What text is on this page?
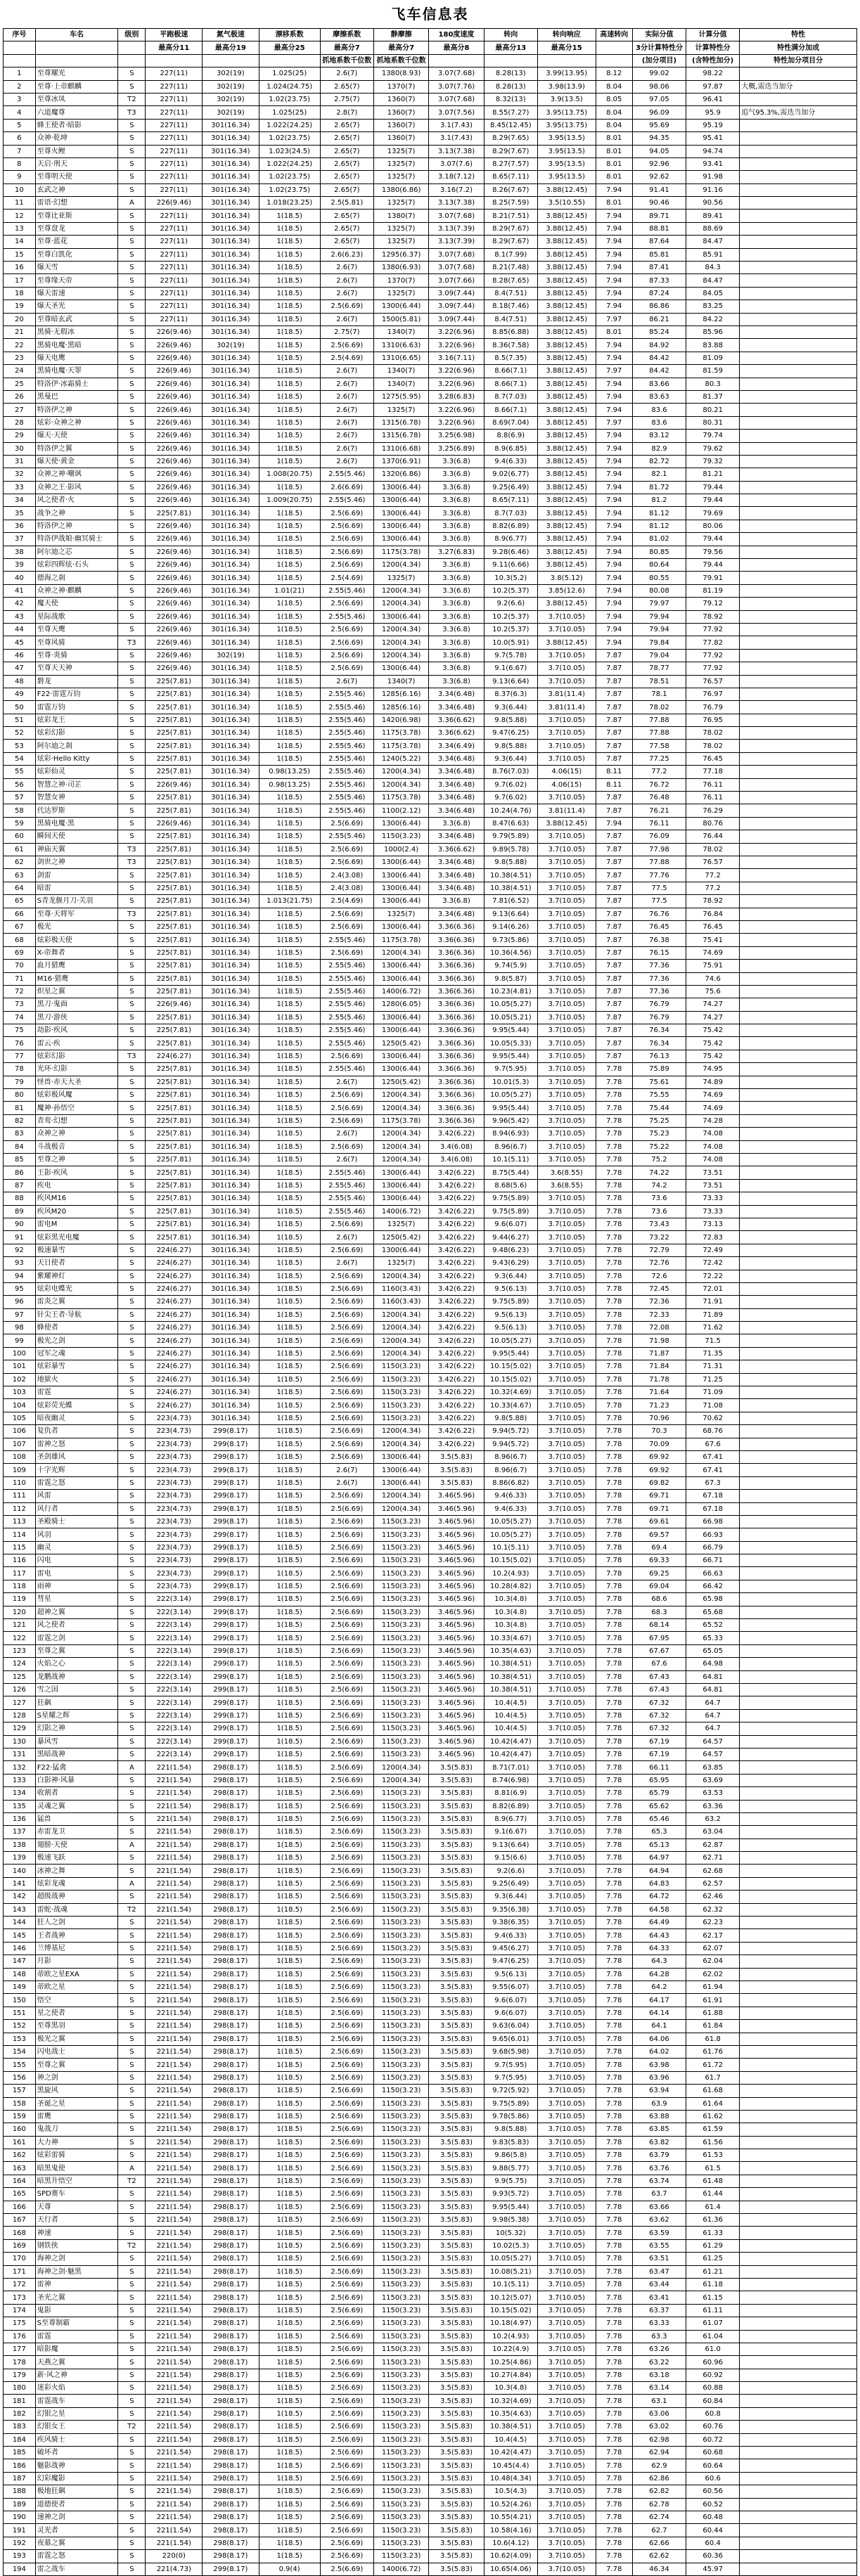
飞车信息表
序号	车名	级别	平跑极速	氮气极速	漂移系数	摩擦系数	静摩擦	180度速度	转向	转向响应	高速转向	实际分值	计算分值	特性
			最高分11	最高分19	最高分25	最高分7	最高分7	最高分8	最高分13	最高分15		3分计算特性分	计算特性分	特性满分加成
						抓地系数千位数	抓地系数千位数					(加分项目)	(含特性加分)	特性加分项目分
1	至尊耀光	S	227(11)	302(19)	1.025(25)	2.6(7)	1380(8.93)	3.07(7.68)	8.28(13)	3.99(13.95)	8.12	99.02	98.22	
2	至尊·上帝麒麟	S	227(11)	302(19)	1.024(24.75)	2.65(7)	1370(7)	3.07(7.76)	8.28(13)	3.98(13.9)	8.04	98.06	97.87	大概,需迭当加分
3	至尊冰凤	T2	227(11)	302(19)	1.02(23.75)	2.75(7)	1360(7)	3.07(7.68)	8.32(13)	3.9(13.5)	8.05	97.05	96.41	
4	六道魔尊	T3	227(11)	302(19)	1.025(25)	2.8(7)	1360(7)	3.07(7.56)	8.55(7.27)	3.95(13.75)	8.04	96.09	95.9	追气95.3%,需迭当加分
5	蜂王使者·暗影	S	227(11)	301(16.34)	1.022(24.25)	2.65(7)	1360(7)	3.1(7.43)	8.45(12.45)	3.95(13.75)	8.04	95.69	95.19	
6	众神·乾坤	S	227(11)	301(16.34)	1.02(23.75)	2.65(7)	1360(7)	3.1(7.43)	8.29(7.65)	3.95(13.5)	8.01	94.35	95.41	
7	至尊火鲤	S	227(11)	301(16.34)	1.023(24.5)	2.65(7)	1325(7)	3.13(7.38)	8.29(7.67)	3.95(13.5)	8.01	94.05	94.74	
8	天启·刑天	S	227(11)	301(16.34)	1.022(24.25)	2.65(7)	1325(7)	3.07(7.6)	8.27(7.57)	3.95(13.5)	8.01	92.96	93.41	
9	至尊明天使	S	227(11)	301(16.34)	1.02(23.75)	2.65(7)	1325(7)	3.18(7.12)	8.65(7.11)	3.95(13.5)	8.01	92.62	91.98	
10	玄武之神	S	227(11)	301(16.34)	1.02(23.75)	2.65(7)	1380(6.86)	3.16(7.2)	8.26(7.67)	3.88(12.45)	7.94	91.41	91.16	
11	雷语·幻想	A	226(9.46)	301(16.34)	1.018(23.25)	2.5(5.81)	1325(7)	3.13(7.38)	8.25(7.59)	3.5(10.55)	8.01	90.46	90.56	
12	至尊比亚斯	S	227(11)	301(16.34)	1(18.5)	2.65(7)	1380(7)	3.07(7.68)	8.21(7.51)	3.88(12.45)	7.94	89.71	89.41	
13	至尊盘龙	S	227(11)	301(16.34)	1(18.5)	2.65(7)	1325(7)	3.13(7.39)	8.29(7.67)	3.88(12.45)	7.94	88.81	88.69	
14	至尊·蓝花	S	227(11)	301(16.34)	1(18.5)	2.65(7)	1325(7)	3.13(7.39)	8.29(7.67)	3.88(12.45)	7.94	87.64	84.47	
15	至尊白凯化	S	227(11)	301(16.34)	1(18.5)	2.6(6.23)	1295(6.37)	3.07(7.68)	8.1(7.99)	3.88(12.45)	7.94	85.81	85.91	
16	爆天雪	S	227(11)	301(16.34)	1(18.5)	2.6(7)	1380(6.93)	3.07(7.68)	8.21(7.48)	3.88(12.45)	7.94	87.41	84.3	
17	至尊缘天帝	S	227(11)	301(16.34)	1(18.5)	2.6(7)	1370(7)	3.07(7.66)	8.28(7.65)	3.88(12.45)	7.94	87.33	84.47	
18	爆天雷速	S	227(11)	301(16.34)	1(18.5)	2.6(7)	1325(7)	3.09(7.44)	8.4(7.51)	3.88(12.45)	7.94	87.24	84.05	
19	爆天圣光	S	227(11)	301(16.34)	1(18.5)	2.5(6.69)	1300(6.44)	3.09(7.44)	8.18(7.46)	3.88(12.45)	7.94	86.86	83.25	
20	至尊暗玄武	S	227(11)	301(16.34)	1(18.5)	2.6(7)	1500(5.81)	3.09(7.44)	8.4(7.51)	3.88(12.45)	7.97	86.21	84.22	
21	黑骑·无瑕冰	S	226(9.46)	301(16.34)	1(18.5)	2.75(7)	1340(7)	3.22(6.96)	8.85(6.88)	3.88(12.45)	8.01	85.24	85.96	
22	黑骑电魔·黑暗	S	226(9.46)	302(19)	1(18.5)	2.5(6.69)	1310(6.63)	3.22(6.96)	8.36(7.58)	3.88(12.45)	7.94	84.92	83.88	
23	爆天电鹰	S	226(9.46)	301(16.34)	1(18.5)	2.5(4.69)	1310(6.65)	3.16(7.11)	8.5(7.35)	3.88(12.45)	7.94	84.42	81.09	
24	黑骑电魔·天罪	S	226(9.46)	301(16.34)	1(18.5)	2.6(7)	1340(7)	3.22(6.96)	8.66(7.1)	3.88(12.45)	7.97	84.42	81.59	
25	特洛伊·冰霜骑士	S	226(9.46)	301(16.34)	1(18.5)	2.6(7)	1340(7)	3.22(6.96)	8.66(7.1)	3.88(12.45)	7.94	83.66	80.3	
26	黑曼巴	S	226(9.46)	301(16.34)	1(18.5)	2.6(7)	1275(5.95)	3.28(6.83)	8.7(7.03)	3.88(12.45)	7.94	83.63	81.37	
27	特洛伊之神	S	226(9.46)	301(16.34)	1(18.5)	2.6(7)	1325(7)	3.22(6.96)	8.66(7.1)	3.88(12.45)	7.94	83.6	80.21	
28	炫彩·众神之神	S	226(9.46)	301(16.34)	1(18.5)	2.6(7)	1315(6.78)	3.22(6.96)	8.69(7.04)	3.88(12.45)	7.97	83.6	80.31	
29	爆天·天使	S	226(9.46)	301(16.34)	1(18.5)	2.6(7)	1315(6.78)	3.25(6.98)	8.8(6.9)	3.88(12.45)	7.94	83.12	79.74	
30	特洛伊之翼	S	226(9.46)	301(16.34)	1(18.5)	2.6(7)	1310(6.68)	3.25(6.89)	8.9(6.85)	3.88(12.45)	7.94	82.9	79.62	
31	爆天使·黄金	S	226(9.46)	301(16.34)	1(18.5)	2.6(7)	1370(6.91)	3.3(6.8)	9.4(6.33)	3.88(12.45)	7.94	82.72	79.32	
32	众神之神·嘲讽	S	226(9.46)	301(16.34)	1.008(20.75)	2.55(5.46)	1320(6.86)	3.3(6.8)	9.02(6.77)	3.88(12.45)	7.94	82.1	81.21	
33	众神之王·影风	S	226(9.46)	301(16.34)	1(18.5)	2.6(6.69)	1300(6.44)	3.3(6.8)	9.25(6.49)	3.88(12.45)	7.94	81.72	79.44	
34	风之使者·火	S	226(9.46)	301(16.34)	1.009(20.75)	2.55(5.46)	1300(6.44)	3.3(6.8)	8.65(7.11)	3.88(12.45)	7.94	81.2	79.44	
35	战争之神	S	225(7.81)	301(16.34)	1(18.5)	2.5(6.69)	1300(6.44)	3.3(6.8)	8.7(7.03)	3.88(12.45)	7.94	81.12	79.69	
36	特洛伊之神	S	226(9.46)	301(16.34)	1(18.5)	2.5(6.69)	1300(6.44)	3.3(6.8)	8.82(6.89)	3.88(12.45)	7.94	81.12	80.06	
37	特洛伊战娘·幽冥骑士	S	226(9.46)	301(16.34)	1(18.5)	2.5(6.69)	1300(6.44)	3.3(6.8)	8.9(6.77)	3.88(12.45)	7.94	81.02	79.44	
38	阿尔迪之芯	S	226(9.46)	301(16.34)	1(18.5)	2.5(6.69)	1175(3.78)	3.27(6.83)	9.28(6.46)	3.88(12.45)	7.94	80.85	79.56	
39	炫彩四辉炫·石头	S	226(9.46)	301(16.34)	1(18.5)	2.5(6.69)	1200(4.34)	3.3(6.8)	9.11(6.66)	3.88(12.45)	7.94	80.64	79.44	
40	德海之刹	S	226(9.46)	301(16.34)	1(18.5)	2.5(4.69)	1325(7)	3.3(6.8)	10.3(5.2)	3.8(5.12)	7.94	80.55	79.91	
41	众神之神·麒麟	S	226(9.46)	301(16.34)	1.01(21)	2.55(5.46)	1200(4.34)	3.3(6.8)	10.2(5.37)	3.85(12.6)	7.94	80.08	81.19	
42	魔天使	S	226(9.46)	301(16.34)	1(18.5)	2.5(6.69)	1200(4.34)	3.3(6.8)	9.2(6.6)	3.88(12.45)	7.94	79.97	79.12	
43	星际战歌	S	226(9.46)	301(16.34)	1(18.5)	2.55(5.46)	1300(6.44)	3.3(6.8)	10.2(5.37)	3.7(10.05)	7.94	79.94	78.92	
44	至尊天鹰	S	226(9.46)	301(16.34)	1(18.5)	2.5(6.69)	1200(4.34)	3.3(6.8)	10.2(5.37)	3.7(10.05)	7.94	79.94	77.92	
45	至尊风骑	T3	226(9.46)	301(16.34)	1(18.5)	2.5(6.69)	1200(4.34)	3.3(6.8)	10.0(5.91)	3.88(12.45)	7.94	79.84	77.82	
46	至尊·炎骑	S	226(9.46)	302(19)	1(18.5)	2.5(6.69)	1200(4.34)	3.3(6.8)	9.7(5.78)	3.7(10.05)	7.87	79.04	77.92	
47	至尊天天神	S	226(9.46)	301(16.34)	1(18.5)	2.5(6.69)	1300(6.44)	3.3(6.8)	9.1(6.67)	3.7(10.05)	7.87	78.77	77.92	
48	磐龙	S	225(7.81)	301(16.34)	1(18.5)	2.6(7)	1340(7)	3.3(6.8)	9.13(6.64)	3.7(10.05)	7.87	78.51	76.57	
49	F22·雷霆万钧	S	225(7.81)	301(16.34)	1(18.5)	2.55(5.46)	1285(6.16)	3.34(6.48)	8.37(6.3)	3.81(11.4)	7.87	78.1	76.97	
50	雷霆万钧	S	225(7.81)	301(16.34)	1(18.5)	2.55(5.46)	1285(6.16)	3.34(6.48)	9.3(6.44)	3.81(11.4)	7.87	78.02	76.79	
51	炫彩龙王	S	225(7.81)	301(16.34)	1(18.5)	2.55(5.46)	1420(6.98)	3.36(6.62)	9.8(5.88)	3.7(10.05)	7.87	77.88	76.95	
52	炫彩幻影	S	225(7.81)	301(16.34)	1(18.5)	2.55(5.46)	1175(3.78)	3.36(6.62)	9.47(6.25)	3.7(10.05)	7.87	77.88	78.02	
53	阿尔迪之刹	S	225(7.81)	301(16.34)	1(18.5)	2.55(5.46)	1175(3.78)	3.34(6.49)	9.8(5.88)	3.7(10.05)	7.87	77.58	78.02	
54	炫彩·Hello Kitty	S	225(7.81)	301(16.34)	1(18.5)	2.55(5.46)	1240(5.22)	3.34(6.48)	9.3(6.44)	3.7(10.05)	7.87	77.25	76.45	
55	炫彩仙灵	S	225(7.81)	301(16.34)	0.98(13.25)	2.55(5.46)	1200(4.34)	3.34(6.48)	8.76(7.03)	4.06(15)	8.11	77.2	77.18	
56	智慧之神·司芷	S	226(9.46)	301(16.34)	0.98(13.25)	2.55(5.46)	1200(4.34)	3.34(6.48)	9.7(6.02)	4.06(15)	8.11	76.72	76.11	
57	智慧女神	S	225(7.81)	301(16.34)	1(18.5)	2.55(5.46)	1175(3.78)	3.34(6.48)	9.7(6.02)	3.7(10.05)	7.87	76.48	76.11	
58	代达罗斯	S	225(7.81)	301(16.34)	1(18.5)	2.55(5.46)	1100(2.12)	3.34(6.48)	10.24(4.76)	3.81(11.4)	7.87	76.21	76.29	
59	黑骑电魔·黑	S	226(9.46)	301(16.34)	1(18.5)	2.5(6.69)	1300(6.44)	3.3(6.8)	8.47(6.63)	3.88(12.45)	7.94	76.11	80.76	
60	瞬间天使	S	225(7.81)	301(16.34)	1(18.5)	2.55(5.46)	1150(3.23)	3.34(6.48)	9.79(5.89)	3.7(10.05)	7.87	76.09	76.44	
61	神庙天翼	T3	225(7.81)	301(16.34)	1(18.5)	2.5(6.69)	1000(2.4)	3.36(6.62)	9.89(5.78)	3.7(10.05)	7.87	77.98	78.02	
62	剑世之神	T3	225(7.81)	301(16.34)	1(18.5)	2.5(6.69)	1300(6.44)	3.34(6.48)	9.8(5.88)	3.7(10.05)	7.87	77.88	76.57	
63	剑雷	S	225(7.81)	301(16.34)	1(18.5)	2.4(3.08)	1300(6.44)	3.34(6.48)	10.38(4.51)	3.7(10.05)	7.87	77.76	77.2	
64	暗雷	S	225(7.81)	301(16.34)	1(18.5)	2.4(3.08)	1300(6.44)	3.34(6.48)	10.38(4.51)	3.7(10.05)	7.87	77.5	77.2	
65	S青龙偃月刀·关羽	S	225(7.81)	301(16.34)	1.013(21.75)	2.5(4.69)	1300(6.44)	3.3(6.8)	7.81(6.52)	3.7(10.05)	7.87	77.5	78.92	
66	至尊·天将军	T3	225(7.81)	301(16.34)	1(18.5)	2.5(6.69)	1325(7)	3.34(6.48)	9.13(6.64)	3.7(10.05)	7.87	76.76	76.84	
67	极光	S	225(7.81)	301(16.34)	1(18.5)	2.5(6.69)	1300(6.44)	3.36(6.36)	9.14(6.26)	3.7(10.05)	7.87	76.45	76.45	
68	炫彩极天使	S	225(7.81)	301(16.34)	1(18.5)	2.55(5.46)	1175(3.78)	3.36(6.36)	9.73(5.86)	3.7(10.05)	7.87	76.38	75.41	
69	X-帝舞者	S	225(7.81)	301(16.34)	1(18.5)	2.5(6.69)	1200(4.34)	3.36(6.36)	10.36(4.56)	3.7(10.05)	7.87	76.15	74.69	
70	血月猎鹰	S	225(7.81)	301(16.34)	1(18.5)	2.55(5.46)	1300(6.44)	3.36(6.36)	9.74(5.9)	3.7(10.05)	7.87	77.36	75.91	
71	M16·猎鹰	S	225(7.81)	301(16.34)	1(18.5)	2.55(5.46)	1300(6.44)	3.36(6.36)	9.8(5.87)	3.7(10.05)	7.87	77.36	74.6	
72	炽星之翼	S	225(7.81)	301(16.34)	1(18.5)	2.55(5.46)	1400(6.72)	3.36(6.36)	10.23(4.81)	3.7(10.05)	7.87	77.36	75.6	
73	黑刀·鬼面	S	226(9.46)	301(16.34)	1(18.5)	2.55(5.46)	1280(6.05)	3.36(6.36)	10.05(5.27)	3.7(10.05)	7.87	76.79	74.27	
74	黑刀·游侠	S	225(7.81)	301(16.34)	1(18.5)	2.55(5.46)	1300(6.44)	3.36(6.36)	10.05(5.21)	3.7(10.05)	7.87	76.79	74.27	
75	劫影·疾风	S	225(7.81)	301(16.34)	1(18.5)	2.55(5.46)	1300(6.44)	3.36(6.36)	9.95(5.44)	3.7(10.05)	7.87	76.34	75.42	
76	雷云·疾	S	225(7.81)	301(16.34)	1(18.5)	2.55(5.46)	1250(5.42)	3.36(6.36)	10.05(5.33)	3.7(10.05)	7.87	76.34	75.42	
77	炫彩幻影	T3	224(6.27)	301(16.34)	1(18.5)	2.5(6.69)	1300(6.44)	3.36(6.36)	9.95(5.44)	3.7(10.05)	7.87	76.13	75.42	
78	光环·幻影	S	225(7.81)	301(16.34)	1(18.5)	2.55(5.46)	1300(6.44)	3.36(6.36)	9.7(5.95)	3.7(10.05)	7.78	75.89	74.95	
79	怪兽·赤天大圣	S	225(7.81)	301(16.34)	1(18.5)	2.6(7)	1250(5.42)	3.36(6.36)	10.01(5.3)	3.7(10.05)	7.78	75.61	74.89	
80	炫彩极风魔	S	225(7.81)	301(16.34)	1(18.5)	2.5(6.69)	1200(4.34)	3.36(6.36)	10.05(5.27)	3.7(10.05)	7.78	75.55	74.69	
81	魔神·孙悟空	S	225(7.81)	301(16.34)	1(18.5)	2.5(6.69)	1200(4.34)	3.36(6.36)	9.95(5.44)	3.7(10.05)	7.78	75.44	74.69	
82	青鸾·幻想	S	225(7.81)	301(16.34)	1(18.5)	2.5(6.69)	1175(3.78)	3.36(6.36)	9.96(5.42)	3.7(10.05)	7.78	75.25	74.28	
83	众神之神	S	225(7.81)	301(16.34)	1(18.5)	2.6(7)	1200(4.34)	3.42(6.22)	8.94(6.93)	3.7(10.05)	7.78	75.23	74.08	
84	斗战极音	S	225(7.81)	301(16.34)	1(18.5)	2.5(6.69)	1200(4.34)	3.4(6.08)	8.96(6.7)	3.7(10.05)	7.78	75.22	74.08	
85	至尊之神	S	225(7.81)	301(16.34)	1(18.5)	2.6(7)	1200(4.34)	3.4(6.08)	10.1(5.11)	3.7(10.05)	7.78	75.2	74.08	
86	王影·疾风	S	225(7.81)	301(16.34)	1(18.5)	2.55(5.46)	1300(6.44)	3.42(6.22)	8.75(5.44)	3.6(8.55)	7.78	74.22	73.51	
87	疾电	S	225(7.81)	301(16.34)	1(18.5)	2.55(5.46)	1300(6.44)	3.42(6.22)	8.68(5.6)	3.6(8.55)	7.78	74.2	73.51	
88	疾风M16	S	225(7.81)	301(16.34)	1(18.5)	2.55(5.46)	1300(6.44)	3.42(6.22)	9.75(5.89)	3.7(10.05)	7.78	73.6	73.33	
89	疾风M20	S	225(7.81)	301(16.34)	1(18.5)	2.55(5.46)	1400(6.72)	3.42(6.22)	9.75(5.89)	3.7(10.05)	7.78	73.6	73.33	
90	雷电M	S	225(7.81)	301(16.34)	1(18.5)	2.5(6.69)	1325(7)	3.42(6.22)	9.6(6.07)	3.7(10.05)	7.78	73.43	73.13	
91	炫彩黑光电魔	S	225(7.81)	301(16.34)	1(18.5)	2.6(7)	1250(5.42)	3.42(6.22)	9.44(6.27)	3.7(10.05)	7.78	73.22	72.83	
92	极速暴雪	S	224(6.27)	301(16.34)	1(18.5)	2.5(6.69)	1300(6.44)	3.42(6.22)	9.48(6.23)	3.7(10.05)	7.78	72.79	72.49	
93	天日使者	S	224(6.27)	301(16.34)	1(18.5)	2.6(7)	1325(7)	3.42(6.22)	9.43(6.29)	3.7(10.05)	7.78	72.76	72.42	
94	紫耀神灯	S	224(6.27)	301(16.34)	1(18.5)	2.5(6.69)	1200(4.34)	3.42(6.22)	9.3(6.44)	3.7(10.05)	7.78	72.6	72.22	
95	炫彩电蝶光	S	224(6.27)	301(16.34)	1(18.5)	2.5(6.69)	1160(3.43)	3.42(6.22)	9.5(6.13)	3.7(10.05)	7.78	72.45	72.01	
96	雷炎之翼	S	224(6.27)	301(16.34)	1(18.5)	2.5(6.69)	1160(3.43)	3.42(6.22)	9.75(5.89)	3.7(10.05)	7.78	72.36	71.91	
97	针尖王者·导航	S	224(6.27)	301(16.34)	1(18.5)	2.5(6.69)	1200(4.34)	3.42(6.22)	9.5(6.13)	3.7(10.05)	7.78	72.33	71.89	
98	蜂使者	S	224(6.27)	301(16.34)	1(18.5)	2.5(6.69)	1200(4.34)	3.42(6.22)	9.5(6.13)	3.7(10.05)	7.78	72.08	71.62	
99	极光之剑	S	224(6.27)	301(16.34)	1(18.5)	2.5(6.69)	1200(4.34)	3.42(6.22)	10.05(5.27)	3.7(10.05)	7.78	71.98	71.5	
100	冠军之魂	S	224(6.27)	301(16.34)	1(18.5)	2.5(6.69)	1200(4.34)	3.42(6.22)	9.95(5.44)	3.7(10.05)	7.78	71.87	71.35	
101	炫彩暴雪	S	224(6.27)	301(16.34)	1(18.5)	2.5(6.69)	1150(3.23)	3.42(6.22)	10.15(5.02)	3.7(10.05)	7.78	71.84	71.31	
102	地狱火	S	224(6.27)	301(16.34)	1(18.5)	2.5(6.69)	1150(3.23)	3.42(6.22)	10.15(5.02)	3.7(10.05)	7.78	71.78	71.25	
103	雷霆	S	224(6.27)	301(16.34)	1(18.5)	2.5(6.69)	1150(3.23)	3.42(6.22)	10.32(4.69)	3.7(10.05)	7.78	71.64	71.09	
104	炫彩荧光蝶	S	224(6.27)	301(16.34)	1(18.5)	2.5(6.69)	1150(3.23)	3.42(6.22)	10.33(4.67)	3.7(10.05)	7.78	71.23	71.08	
105	暗夜幽灵	S	223(4.73)	301(16.34)	1(18.5)	2.5(6.69)	1150(3.23)	3.42(6.22)	9.8(5.88)	3.7(10.05)	7.78	70.96	70.62	
106	复仇者	S	223(4.73)	299(8.17)	1(18.5)	2.5(6.69)	1200(4.34)	3.42(6.22)	9.94(5.72)	3.7(10.05)	7.78	70.3	68.76	
107	雷神之怒	S	223(4.73)	299(8.17)	1(18.5)	2.5(6.69)	1200(4.34)	3.42(6.22)	9.94(5.72)	3.7(10.05)	7.78	70.09	67.6	
108	圣剑雄风	S	223(4.73)	299(8.17)	1(18.5)	2.5(6.69)	1300(6.44)	3.5(5.83)	8.96(6.7)	3.7(10.05)	7.78	69.92	67.41	
109	十字光辉	S	223(4.73)	299(8.17)	1(18.5)	2.6(7)	1300(6.44)	3.5(5.83)	8.96(6.7)	3.7(10.05)	7.78	69.92	67.41	
110	雷霆之怒	S	223(4.73)	299(8.17)	1(18.5)	2.6(7)	1300(6.44)	3.5(5.83)	8.86(6.82)	3.7(10.05)	7.78	69.82	67.3	
111	风雷	S	223(4.73)	299(8.17)	1(18.5)	2.5(6.69)	1200(4.34)	3.46(5.96)	9.4(6.33)	3.7(10.05)	7.78	69.71	67.18	
112	风行者	S	223(4.73)	299(8.17)	1(18.5)	2.5(6.69)	1200(4.34)	3.46(5.96)	9.4(6.33)	3.7(10.05)	7.78	69.71	67.18	
113	圣殿骑士	S	223(4.73)	299(8.17)	1(18.5)	2.5(6.69)	1150(3.23)	3.46(5.96)	10.05(5.27)	3.7(10.05)	7.78	69.61	66.98	
114	风羽	S	223(4.73)	299(8.17)	1(18.5)	2.5(6.69)	1150(3.23)	3.46(5.96)	10.05(5.27)	3.7(10.05)	7.78	69.57	66.93	
115	幽灵	S	223(4.73)	299(8.17)	1(18.5)	2.5(6.69)	1150(3.23)	3.46(5.96)	10.1(5.11)	3.7(10.05)	7.78	69.4	66.79	
116	闪电	S	223(4.73)	299(8.17)	1(18.5)	2.5(6.69)	1150(3.23)	3.46(5.96)	10.15(5.02)	3.7(10.05)	7.78	69.33	66.71	
117	雷电	S	223(4.73)	299(8.17)	1(18.5)	2.5(6.69)	1150(3.23)	3.46(5.96)	10.2(4.93)	3.7(10.05)	7.78	69.25	66.63	
118	雨神	S	223(4.73)	299(8.17)	1(18.5)	2.5(6.69)	1150(3.23)	3.46(5.96)	10.28(4.82)	3.7(10.05)	7.78	69.04	66.42	
119	彗星	S	222(3.14)	299(8.17)	1(18.5)	2.5(6.69)	1150(3.23)	3.46(5.96)	10.3(4.8)	3.7(10.05)	7.78	68.6	65.98	
120	超神之翼	S	222(3.14)	299(8.17)	1(18.5)	2.5(6.69)	1150(3.23)	3.46(5.96)	10.3(4.8)	3.7(10.05)	7.78	68.3	65.68	
121	风之使者	S	222(3.14)	299(8.17)	1(18.5)	2.5(6.69)	1150(3.23)	3.46(5.96)	10.3(4.8)	3.7(10.05)	7.78	68.14	65.52	
122	雷霆之剑	S	222(3.14)	299(8.17)	1(18.5)	2.5(6.69)	1150(3.23)	3.46(5.96)	10.33(4.67)	3.7(10.05)	7.78	67.95	65.33	
123	至尊之翼	S	222(3.14)	299(8.17)	1(18.5)	2.5(6.69)	1150(3.23)	3.46(5.96)	10.35(4.63)	3.7(10.05)	7.78	67.67	65.05	
124	火焰之心	S	222(3.14)	299(8.17)	1(18.5)	2.5(6.69)	1150(3.23)	3.46(5.96)	10.38(4.51)	3.7(10.05)	7.78	67.6	64.98	
125	龙鹏战神	S	222(3.14)	299(8.17)	1(18.5)	2.5(6.69)	1150(3.23)	3.46(5.96)	10.38(4.51)	3.7(10.05)	7.78	67.43	64.81	
126	雪之国	S	222(3.14)	299(8.17)	1(18.5)	2.5(6.69)	1150(3.23)	3.46(5.96)	10.38(4.51)	3.7(10.05)	7.78	67.43	64.81	
127	狂飙	S	222(3.14)	299(8.17)	1(18.5)	2.5(6.69)	1150(3.23)	3.46(5.96)	10.4(4.5)	3.7(10.05)	7.78	67.32	64.7	
128	S星耀之辉	S	222(3.14)	299(8.17)	1(18.5)	2.5(6.69)	1150(3.23)	3.46(5.96)	10.4(4.5)	3.7(10.05)	7.78	67.32	64.7	
129	幻影之神	S	222(3.14)	299(8.17)	1(18.5)	2.5(6.69)	1150(3.23)	3.46(5.96)	10.4(4.5)	3.7(10.05)	7.78	67.32	64.7	
130	暴风雪	S	222(3.14)	299(8.17)	1(18.5)	2.5(6.69)	1150(3.23)	3.46(5.96)	10.42(4.47)	3.7(10.05)	7.78	67.19	64.57	
131	黑暗战神	S	222(3.14)	299(8.17)	1(18.5)	2.5(6.69)	1150(3.23)	3.46(5.96)	10.42(4.47)	3.7(10.05)	7.78	67.19	64.57	
132	F22·猛禽	A	221(1.54)	298(8.17)	1(18.5)	2.5(6.69)	1200(4.34)	3.5(5.83)	8.71(7.01)	3.7(10.05)	7.78	66.11	63.85	
133	白影神·风暴	S	221(1.54)	298(8.17)	1(18.5)	2.5(6.69)	1200(4.34)	3.5(5.83)	8.74(6.98)	3.7(10.05)	7.78	65.95	63.69	
134	收割者	S	221(1.54)	298(8.17)	1(18.5)	2.5(6.69)	1150(3.23)	3.5(5.83)	8.81(6.9)	3.7(10.05)	7.78	65.79	63.53	
135	灵魂之翼	S	221(1.54)	298(8.17)	1(18.5)	2.5(6.69)	1150(3.23)	3.5(5.83)	8.82(6.89)	3.7(10.05)	7.78	65.62	63.36	
136	猛兽	S	221(1.54)	298(8.17)	1(18.5)	2.5(6.69)	1150(3.23)	3.5(5.83)	8.9(6.77)	3.7(10.05)	7.78	65.46	63.2	
137	赤雷龙卫	S	221(1.54)	298(8.17)	1(18.5)	2.5(6.69)	1150(3.23)	3.5(5.83)	9.1(6.67)	3.7(10.05)	7.78	65.3	63.04	
138	翅膀·天使	A	221(1.54)	298(8.17)	1(18.5)	2.5(6.69)	1150(3.23)	3.5(5.83)	9.13(6.64)	3.7(10.05)	7.78	65.13	62.87	
139	极速飞跃	S	221(1.54)	298(8.17)	1(18.5)	2.5(6.69)	1150(3.23)	3.5(5.83)	9.15(6.6)	3.7(10.05)	7.78	64.97	62.71	
140	冰神之舞	S	221(1.54)	298(8.17)	1(18.5)	2.5(6.69)	1150(3.23)	3.5(5.83)	9.2(6.6)	3.7(10.05)	7.78	64.94	62.68	
141	炫彩龙魂	A	221(1.54)	298(8.17)	1(18.5)	2.5(6.69)	1150(3.23)	3.5(5.83)	9.25(6.49)	3.7(10.05)	7.78	64.83	62.57	
142	超级战神	S	221(1.54)	298(8.17)	1(18.5)	2.5(6.69)	1150(3.23)	3.5(5.83)	9.3(6.44)	3.7(10.05)	7.78	64.72	62.46	
143	雷蛇·战魂	T2	221(1.54)	298(8.17)	1(18.5)	2.5(6.69)	1150(3.23)	3.5(5.83)	9.35(6.38)	3.7(10.05)	7.78	64.58	62.32	
144	狂人之剑	S	221(1.54)	298(8.17)	1(18.5)	2.5(6.69)	1150(3.23)	3.5(5.83)	9.38(6.35)	3.7(10.05)	7.78	64.49	62.23	
145	王者战神	S	221(1.54)	298(8.17)	1(18.5)	2.5(6.69)	1150(3.23)	3.5(5.83)	9.4(6.33)	3.7(10.05)	7.78	64.43	62.17	
146	兰博基尼	S	221(1.54)	298(8.17)	1(18.5)	2.5(6.69)	1150(3.23)	3.5(5.83)	9.45(6.27)	3.7(10.05)	7.78	64.33	62.07	
147	月影	S	221(1.54)	298(8.17)	1(18.5)	2.5(6.69)	1150(3.23)	3.5(5.83)	9.47(6.25)	3.7(10.05)	7.78	64.3	62.04	
148	蒂欧之星EXA	S	221(1.54)	298(8.17)	1(18.5)	2.5(6.69)	1150(3.23)	3.5(5.83)	9.5(6.13)	3.7(10.05)	7.78	64.28	62.02	
149	蒂欧之星	S	221(1.54)	298(8.17)	1(18.5)	2.5(6.69)	1150(3.23)	3.5(5.83)	9.55(6.07)	3.7(10.05)	7.78	64.2	61.94	
150	悟空	S	221(1.54)	298(8.17)	1(18.5)	2.5(6.69)	1150(3.23)	3.5(5.83)	9.6(6.07)	3.7(10.05)	7.78	64.17	61.91	
151	星之使者	S	221(1.54)	298(8.17)	1(18.5)	2.5(6.69)	1150(3.23)	3.5(5.83)	9.6(6.07)	3.7(10.05)	7.78	64.14	61.88	
152	至尊黑羽	S	221(1.54)	298(8.17)	1(18.5)	2.5(6.69)	1150(3.23)	3.5(5.83)	9.63(6.04)	3.7(10.05)	7.78	64.1	61.84	
153	极光之翼	S	221(1.54)	298(8.17)	1(18.5)	2.5(6.69)	1150(3.23)	3.5(5.83)	9.65(6.01)	3.7(10.05)	7.78	64.06	61.8	
154	闪电战士	S	221(1.54)	298(8.17)	1(18.5)	2.5(6.69)	1150(3.23)	3.5(5.83)	9.68(5.98)	3.7(10.05)	7.78	64.02	61.76	
155	至尊之翼	S	221(1.54)	298(8.17)	1(18.5)	2.5(6.69)	1150(3.23)	3.5(5.83)	9.7(5.95)	3.7(10.05)	7.78	63.98	61.72	
156	神之剑	S	221(1.54)	298(8.17)	1(18.5)	2.5(6.69)	1150(3.23)	3.5(5.83)	9.7(5.95)	3.7(10.05)	7.78	63.96	61.7	
157	黑旋风	S	221(1.54)	298(8.17)	1(18.5)	2.5(6.69)	1150(3.23)	3.5(5.83)	9.72(5.92)	3.7(10.05)	7.78	63.94	61.68	
158	圣诞之星	S	221(1.54)	298(8.17)	1(18.5)	2.5(6.69)	1150(3.23)	3.5(5.83)	9.75(5.89)	3.7(10.05)	7.78	63.9	61.64	
159	雷鹰	S	221(1.54)	298(8.17)	1(18.5)	2.5(6.69)	1150(3.23)	3.5(5.83)	9.78(5.86)	3.7(10.05)	7.78	63.88	61.62	
160	鬼战刀	S	221(1.54)	298(8.17)	1(18.5)	2.5(6.69)	1150(3.23)	3.5(5.83)	9.8(5.88)	3.7(10.05)	7.78	63.85	61.59	
161	大力神	S	221(1.54)	298(8.17)	1(18.5)	2.5(6.69)	1150(3.23)	3.5(5.83)	9.83(5.83)	3.7(10.05)	7.78	63.82	61.56	
162	炫彩雷骑	S	221(1.54)	298(8.17)	1(18.5)	2.5(6.69)	1150(3.23)	3.5(5.83)	9.86(5.8)	3.7(10.05)	7.78	63.79	61.53	
163	暗黑鬼使	A	221(1.54)	298(8.17)	1(18.5)	2.5(6.69)	1150(3.23)	3.5(5.83)	9.88(5.77)	3.7(10.05)	7.78	63.76	61.5	
164	暗黑升悟空	T2	221(1.54)	298(8.17)	1(18.5)	2.5(6.69)	1150(3.23)	3.5(5.83)	9.9(5.75)	3.7(10.05)	7.78	63.74	61.48	
165	SPD赛车	S	221(1.54)	298(8.17)	1(18.5)	2.5(6.69)	1150(3.23)	3.5(5.83)	9.93(5.72)	3.7(10.05)	7.78	63.7	61.44	
166	天尊	S	221(1.54)	298(8.17)	1(18.5)	2.5(6.69)	1150(3.23)	3.5(5.83)	9.95(5.44)	3.7(10.05)	7.78	63.66	61.4	
167	天行者	S	221(1.54)	298(8.17)	1(18.5)	2.5(6.69)	1150(3.23)	3.5(5.83)	9.98(5.38)	3.7(10.05)	7.78	63.62	61.36	
168	神速	S	221(1.54)	298(8.17)	1(18.5)	2.5(6.69)	1150(3.23)	3.5(5.83)	10(5.32)	3.7(10.05)	7.78	63.59	61.33	
169	钢铁侠	T2	221(1.54)	298(8.17)	1(18.5)	2.5(6.69)	1150(3.23)	3.5(5.83)	10.02(5.3)	3.7(10.05)	7.78	63.55	61.29	
170	海神之剑	S	221(1.54)	298(8.17)	1(18.5)	2.5(6.69)	1150(3.23)	3.5(5.83)	10.05(5.27)	3.7(10.05)	7.78	63.51	61.25	
171	海神之剑·魅黑	S	221(1.54)	298(8.17)	1(18.5)	2.5(6.69)	1150(3.23)	3.5(5.83)	10.08(5.21)	3.7(10.05)	7.78	63.47	61.21	
172	雷神	S	221(1.54)	298(8.17)	1(18.5)	2.5(6.69)	1150(3.23)	3.5(5.83)	10.1(5.11)	3.7(10.05)	7.78	63.44	61.18	
173	圣光之翼	S	221(1.54)	298(8.17)	1(18.5)	2.5(6.69)	1150(3.23)	3.5(5.83)	10.12(5.07)	3.7(10.05)	7.78	63.41	61.15	
174	鬼影	S	221(1.54)	298(8.17)	1(18.5)	2.5(6.69)	1150(3.23)	3.5(5.83)	10.15(5.02)	3.7(10.05)	7.78	63.37	61.11	
175	S至尊制霸	S	221(1.54)	298(8.17)	1(18.5)	2.5(6.69)	1150(3.23)	3.5(5.83)	10.18(4.97)	3.7(10.05)	7.78	63.33	61.07	
176	雷霆	S	221(1.54)	298(8.17)	1(18.5)	2.5(6.69)	1150(3.23)	3.5(5.83)	10.2(4.93)	3.7(10.05)	7.78	63.3	61.04	
177	暗影魔	S	221(1.54)	298(8.17)	1(18.5)	2.5(6.69)	1150(3.23)	3.5(5.83)	10.22(4.9)	3.7(10.05)	7.78	63.26	61.0	
178	天燕之翼	S	221(1.54)	298(8.17)	1(18.5)	2.5(6.69)	1150(3.23)	3.5(5.83)	10.25(4.86)	3.7(10.05)	7.78	63.22	60.96	
179	新·风之神	S	221(1.54)	298(8.17)	1(18.5)	2.5(6.69)	1150(3.23)	3.5(5.83)	10.27(4.84)	3.7(10.05)	7.78	63.18	60.92	
180	迷彩火焰	S	221(1.54)	298(8.17)	1(18.5)	2.5(6.69)	1150(3.23)	3.5(5.83)	10.3(4.8)	3.7(10.05)	7.78	63.14	60.88	
181	雷霆战车	S	221(1.54)	298(8.17)	1(18.5)	2.5(6.69)	1150(3.23)	3.5(5.83)	10.32(4.69)	3.7(10.05)	7.78	63.1	60.84	
182	幻银之星	S	221(1.54)	298(8.17)	1(18.5)	2.5(6.69)	1150(3.23)	3.5(5.83)	10.35(4.63)	3.7(10.05)	7.78	63.06	60.8	
183	幻银女王	T2	221(1.54)	298(8.17)	1(18.5)	2.5(6.69)	1150(3.23)	3.5(5.83)	10.38(4.51)	3.7(10.05)	7.78	63.02	60.76	
184	疾风骑士	S	221(1.54)	298(8.17)	1(18.5)	2.5(6.69)	1150(3.23)	3.5(5.83)	10.4(4.5)	3.7(10.05)	7.78	62.98	60.72	
185	破坏者	S	221(1.54)	298(8.17)	1(18.5)	2.5(6.69)	1150(3.23)	3.5(5.83)	10.42(4.47)	3.7(10.05)	7.78	62.94	60.68	
186	魅影战神	S	221(1.54)	298(8.17)	1(18.5)	2.5(6.69)	1150(3.23)	3.5(5.83)	10.45(4.4)	3.7(10.05)	7.78	62.9	60.64	
187	幻彩魔影	S	221(1.54)	298(8.17)	1(18.5)	2.5(6.69)	1150(3.23)	3.5(5.83)	10.48(4.34)	3.7(10.05)	7.78	62.86	60.6	
188	极地狂飙	S	221(1.54)	298(8.17)	1(18.5)	2.5(6.69)	1150(3.23)	3.5(5.83)	10.5(4.3)	3.7(10.05)	7.78	62.82	60.56	
189	道德使者	S	221(1.54)	298(8.17)	1(18.5)	2.5(6.69)	1150(3.23)	3.5(5.83)	10.52(4.26)	3.7(10.05)	7.78	62.78	60.52	
190	速神之剑	S	221(1.54)	298(8.17)	1(18.5)	2.5(6.69)	1150(3.23)	3.5(5.83)	10.55(4.21)	3.7(10.05)	7.78	62.74	60.48	
191	灵光者	S	221(1.54)	298(8.17)	1(18.5)	2.5(6.69)	1150(3.23)	3.5(5.83)	10.58(4.16)	3.7(10.05)	7.78	62.7	60.44	
192	夜幕之翼	S	221(1.54)	298(8.17)	1(18.5)	2.5(6.69)	1150(3.23)	3.5(5.83)	10.6(4.12)	3.7(10.05)	7.78	62.66	60.4	
193	雷霆之怒	S	220(0)	298(8.17)	1(18.5)	2.5(6.69)	1150(3.23)	3.5(5.83)	10.62(4.09)	3.7(10.05)	7.78	62.62	60.36	
194	雷之战车	S	221(4.73)	299(8.17)	0.9(4)	2.5(6.69)	1400(6.72)	3.5(5.83)	10.65(4.06)	3.7(10.05)	7.78	46.34	45.97	
